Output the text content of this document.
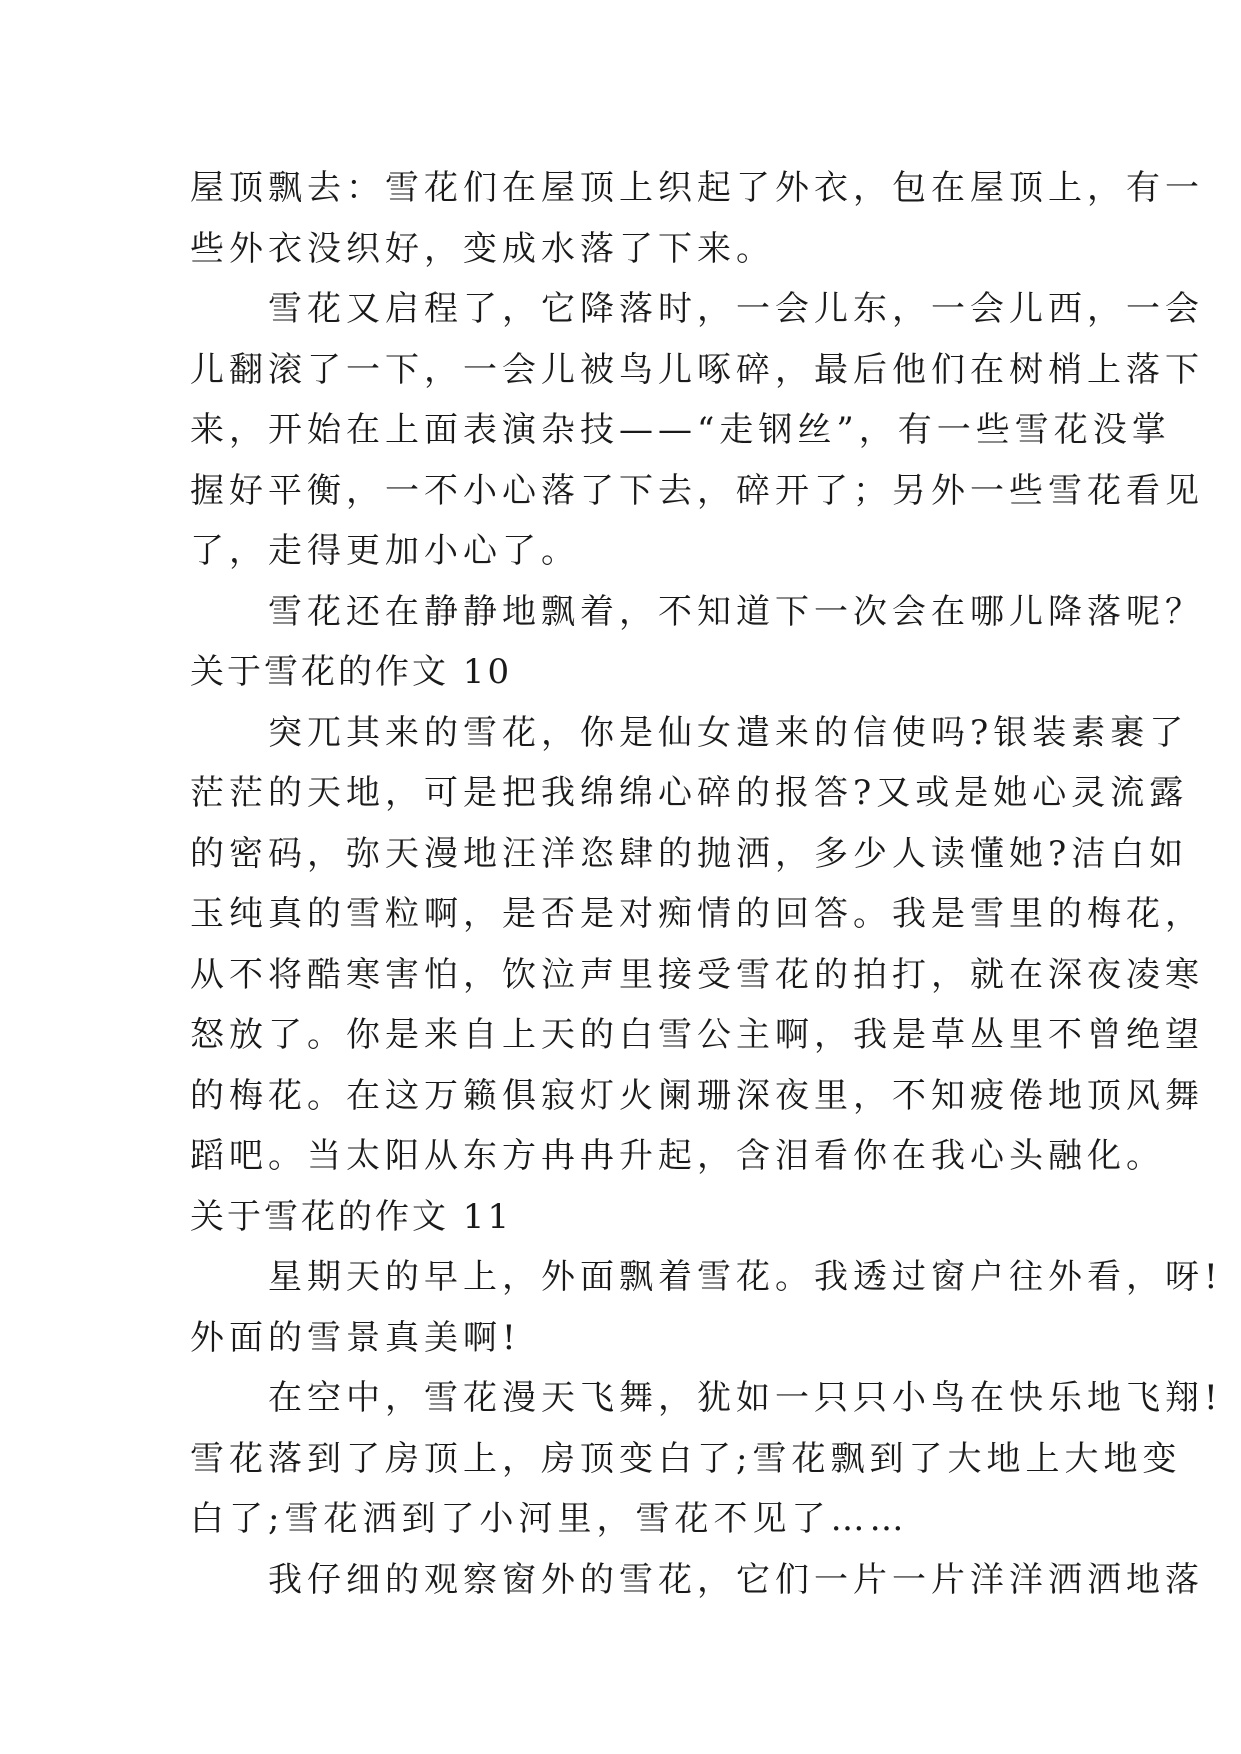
屋顶飘去：雪花们在屋顶上织起了外衣，包在屋顶上，有一
些外衣没织好，变成水落了下来。
　　雪花又启程了，它降落时，一会儿东，一会儿西，一会
儿翻滚了一下，一会儿被鸟儿啄碎，最后他们在树梢上落下
来，开始在上面表演杂技——“走钢丝”，有一些雪花没掌
握好平衡，一不小心落了下去，碎开了；另外一些雪花看见
了，走得更加小心了。
　　雪花还在静静地飘着，不知道下一次会在哪儿降落呢？
关于雪花的作文 10
　　突兀其来的雪花，你是仙女遣来的信使吗?银装素裹了
茫茫的天地，可是把我绵绵心碎的报答?又或是她心灵流露
的密码，弥天漫地汪洋恣肆的抛洒，多少人读懂她?洁白如
玉纯真的雪粒啊，是否是对痴情的回答。我是雪里的梅花，
从不将酷寒害怕，饮泣声里接受雪花的拍打，就在深夜凌寒
怒放了。你是来自上天的白雪公主啊，我是草丛里不曾绝望
的梅花。在这万籁俱寂灯火阑珊深夜里，不知疲倦地顶风舞
蹈吧。当太阳从东方冉冉升起，含泪看你在我心头融化。
关于雪花的作文 11
　　星期天的早上，外面飘着雪花。我透过窗户往外看，呀!
外面的雪景真美啊!
　　在空中，雪花漫天飞舞，犹如一只只小鸟在快乐地飞翔!
雪花落到了房顶上，房顶变白了;雪花飘到了大地上大地变
白了;雪花洒到了小河里，雪花不见了……
　　我仔细的观察窗外的雪花，它们一片一片洋洋洒洒地落
